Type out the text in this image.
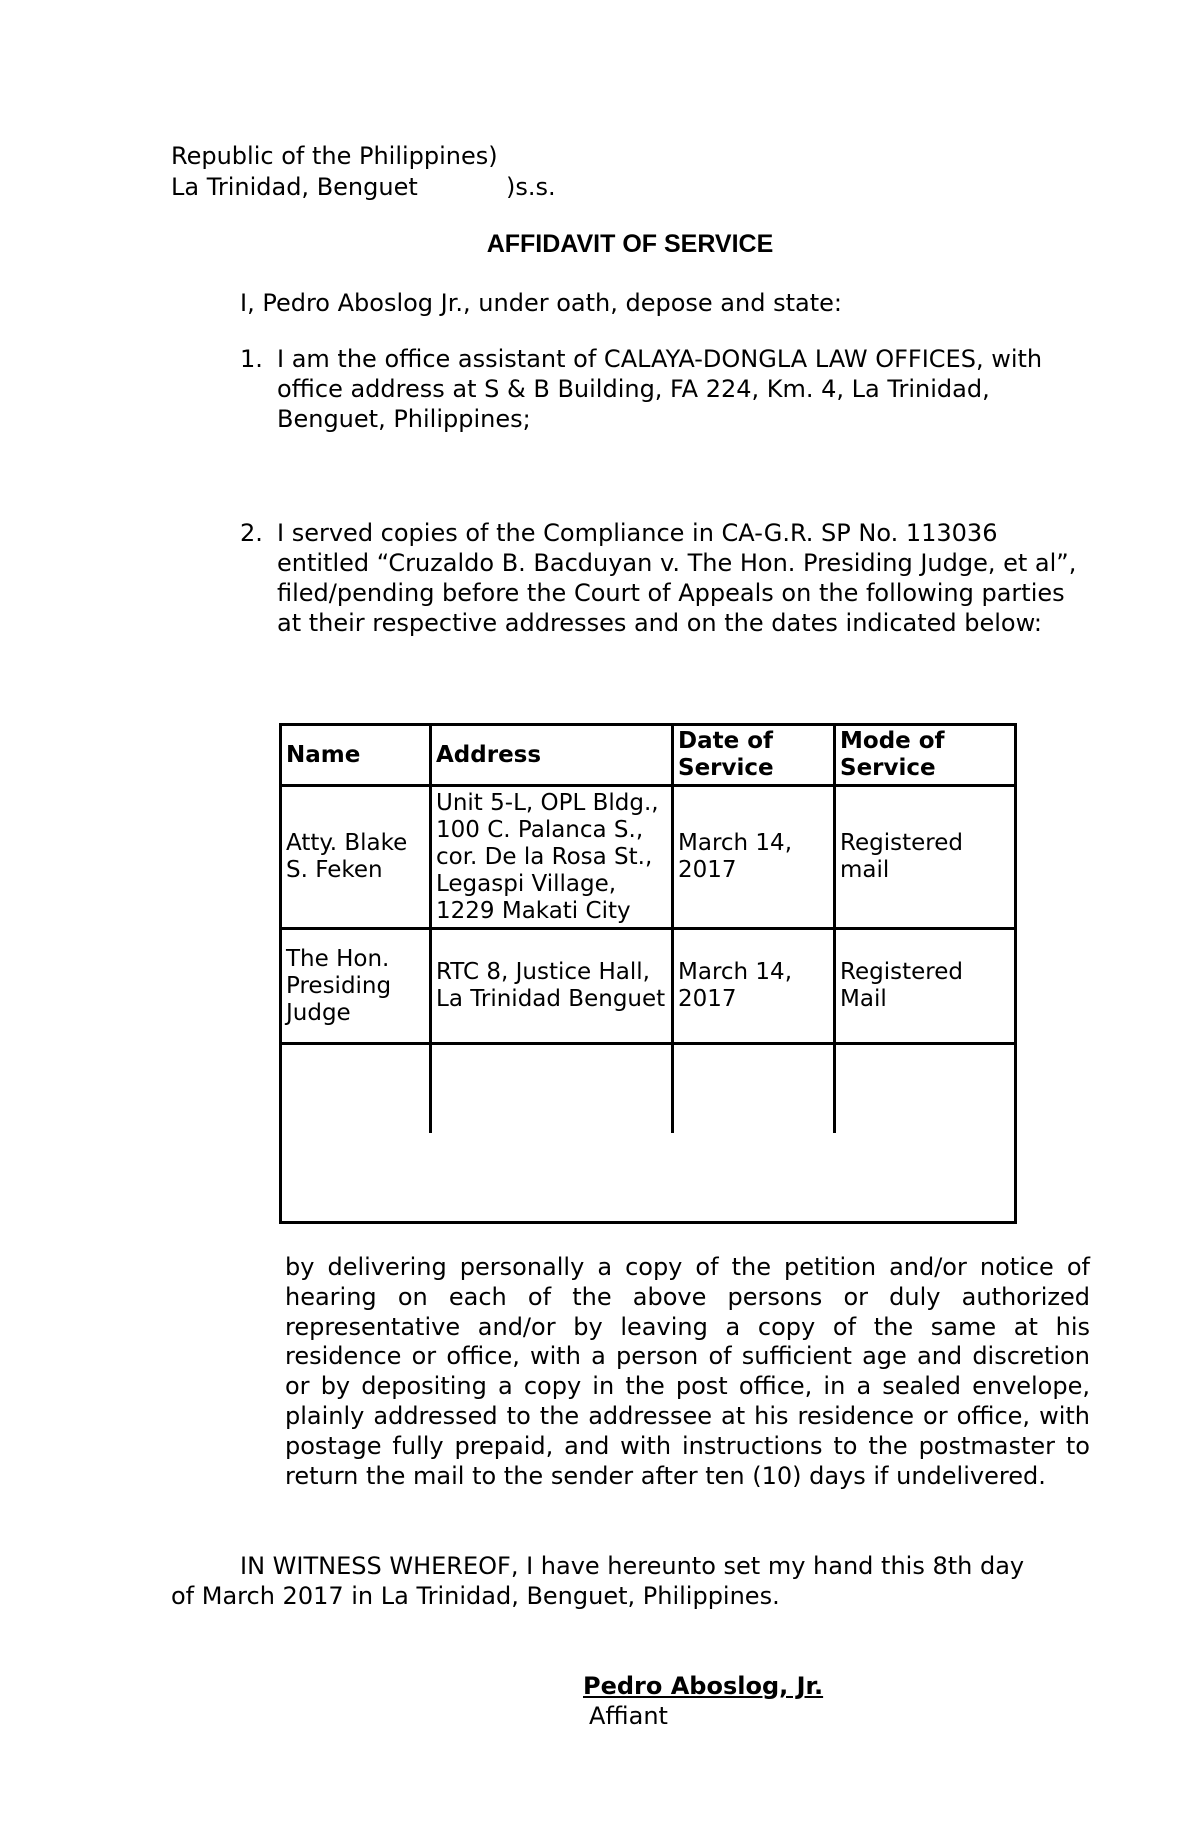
Republic of the Philippines)
La Trinidad, Benguet	)s.s.
AFFIDAVIT OF SERVICE
I, Pedro Aboslog Jr., under oath, depose and state:
1. I am the office assistant of CALAYA-DONGLA LAW OFFICES, with office address at S & B Building, FA 224, Km. 4, La Trinidad, Benguet, Philippines;
2. I served copies of the Compliance in CA-G.R. SP No. 113036 entitled “Cruzaldo B. Bacduyan v. The Hon. Presiding Judge, et al”, filed/pending before the Court of Appeals on the following parties at their respective addresses and on the dates indicated below:
Name	Address	Date of Service	Mode of Service
Atty. Blake S. Feken	Unit 5-L, OPL Bldg., 100 C. Palanca S., cor. De la Rosa St., Legaspi Village, 1229 Makati City	March 14, 2017	Registered mail
The Hon. Presiding Judge	RTC 8, Justice Hall, La Trinidad Benguet	March 14, 2017	Registered Mail

by delivering personally a copy of the petition and/or notice of hearing on each of the above persons or duly authorized representative and/or by leaving a copy of the same at his residence or office, with a person of sufficient age and discretion or by depositing a copy in the post office, in a sealed envelope, plainly addressed to the addressee at his residence or office, with postage fully prepaid, and with instructions to the postmaster to return the mail to the sender after ten (10) days if undelivered.
IN WITNESS WHEREOF, I have hereunto set my hand this 8th day
of March 2017 in La Trinidad, Benguet, Philippines.
Pedro Aboslog, Jr.
Affiant
